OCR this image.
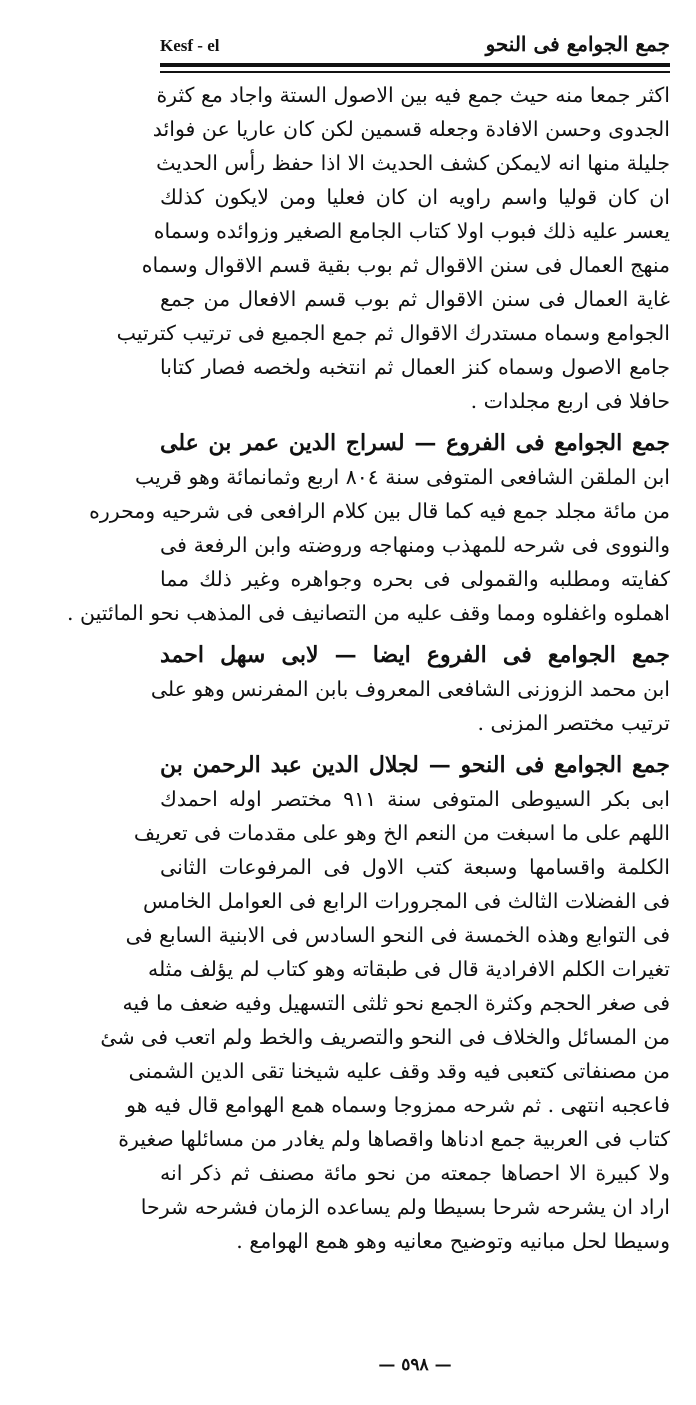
Kesf - el	جمع الجوامع فى النحو

اكثر جمعا منه حيث جمع فيه بين الاصول الستة واجاد مع كثرة
الجدوى وحسن الافادة وجعله قسمين لكن كان عاريا عن فوائد
جليلة منها انه لايمكن كشف الحديث الا اذا حفظ رأس الحديث
ان كان قوليا واسم راويه ان كان فعليا ومن لايكون كذلك
يعسر عليه ذلك فبوب اولا كتاب الجامع الصغير وزوائده وسماه
منهج العمال فى سنن الاقوال ثم بوب بقية قسم الاقوال وسماه
غاية العمال فى سنن الاقوال ثم بوب قسم الافعال من جمع
الجوامع وسماه مستدرك الاقوال ثم جمع الجميع فى ترتيب كترتيب
جامع الاصول وسماه كنز العمال ثم انتخبه ولخصه فصار كتابا
حافلا فى اربع مجلدات .

جمع الجوامع فى الفروع — لسراج الدين عمر بن على
ابن الملقن الشافعى المتوفى سنة ٨٠٤ اربع وثمانمائة وهو قريب
من مائة مجلد جمع فيه كما قال بين كلام الرافعى فى شرحيه ومحرره
والنووى فى شرحه للمهذب ومنهاجه وروضته وابن الرفعة فى
كفايته ومطلبه والقمولى فى بحره وجواهره وغير ذلك مما
اهملوه واغفلوه ومما وقف عليه من التصانيف فى المذهب نحو المائتين .

جمع الجوامع فى الفروع ايضا — لابى سهل احمد
ابن محمد الزوزنى الشافعى المعروف بابن المفرنس وهو على
ترتيب مختصر المزنى .

جمع الجوامع فى النحو — لجلال الدين عبد الرحمن بن
ابى بكر السيوطى المتوفى سنة ٩١١ مختصر اوله احمدك
اللهم على ما اسبغت من النعم الخ وهو على مقدمات فى تعريف
الكلمة واقسامها وسبعة كتب الاول فى المرفوعات الثانى
فى الفضلات الثالث فى المجرورات الرابع فى العوامل الخامس
فى التوابع وهذه الخمسة فى النحو السادس فى الابنية السابع فى
تغيرات الكلم الافرادية قال فى طبقاته وهو كتاب لم يؤلف مثله
فى صغر الحجم وكثرة الجمع نحو ثلثى التسهيل وفيه ضعف ما فيه
من المسائل والخلاف فى النحو والتصريف والخط ولم اتعب فى شئ
من مصنفاتى كتعبى فيه وقد وقف عليه شيخنا تقى الدين الشمنى
فاعجبه انتهى . ثم شرحه ممزوجا وسماه همع الهوامع قال فيه هو
كتاب فى العربية جمع ادناها واقصاها ولم يغادر من مسائلها صغيرة
ولا كبيرة الا احصاها جمعته من نحو مائة مصنف ثم ذكر انه
اراد ان يشرحه شرحا بسيطا ولم يساعده الزمان فشرحه شرحا
وسيطا لحل مبانيه وتوضيح معانيه وهو همع الهوامع .

— ٥٩٨ —
